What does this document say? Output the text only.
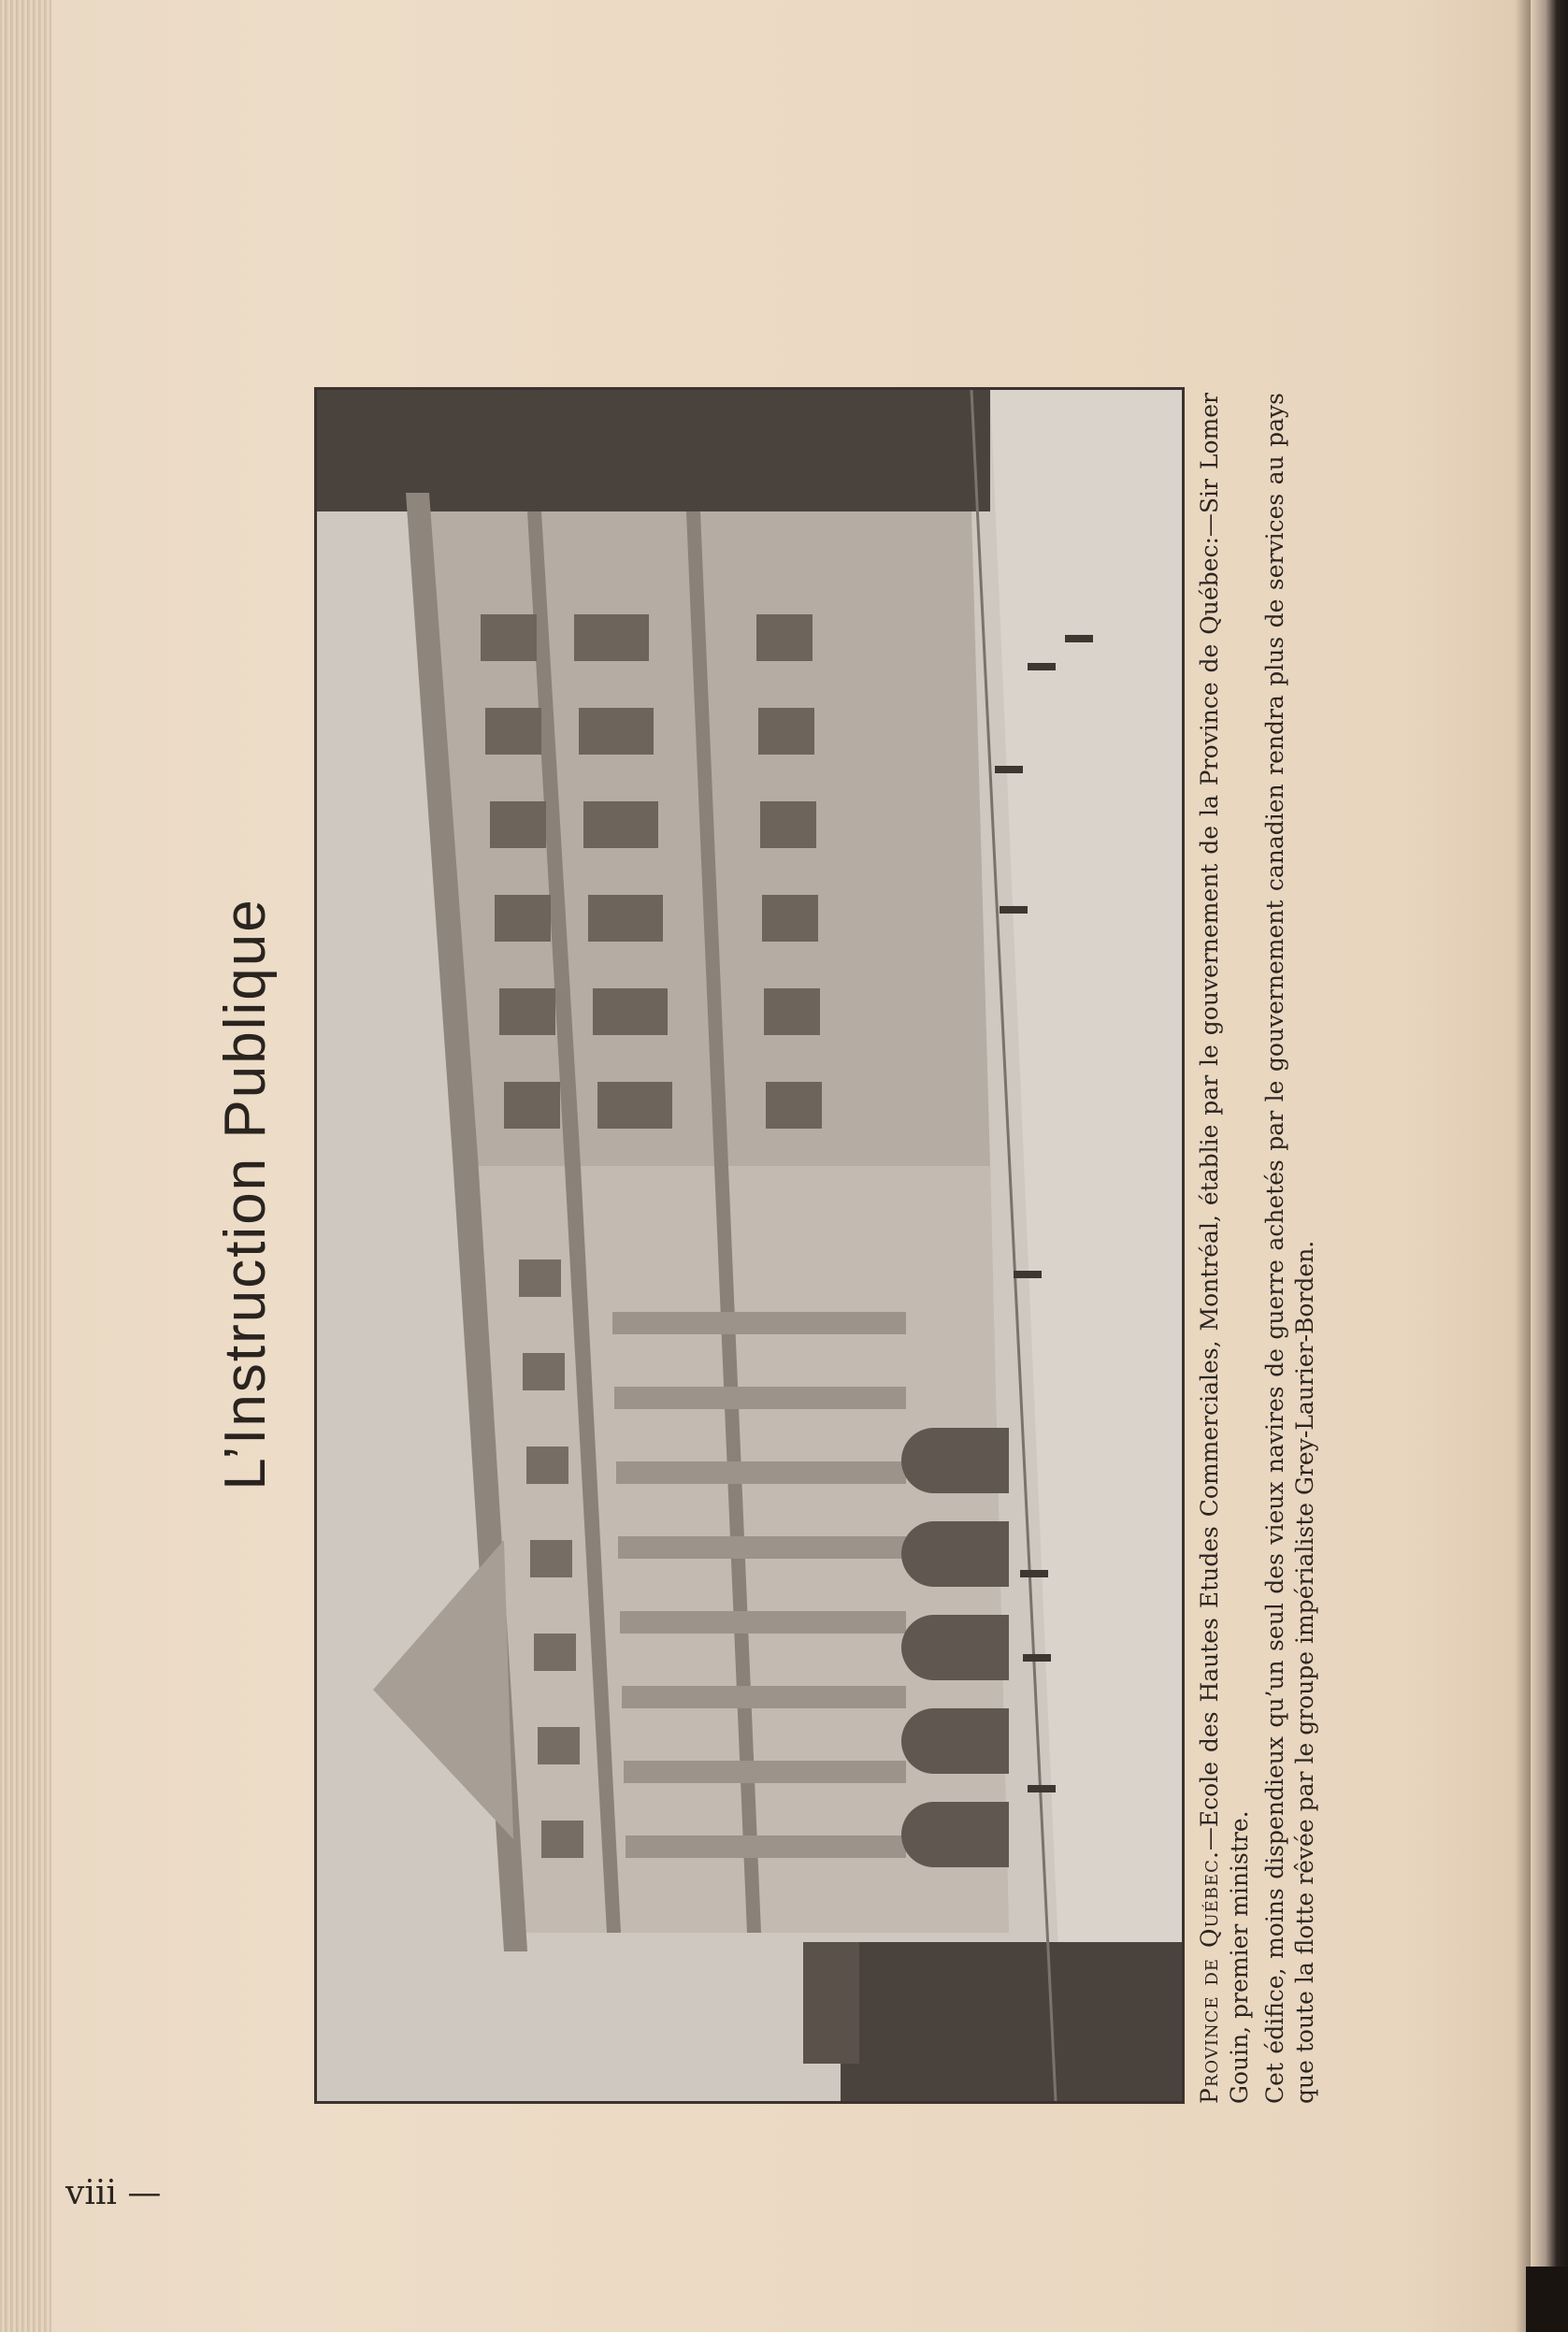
L’Instruction Publique

Province de Québec.—Ecole des Hautes Etudes Commerciales, Montréal, établie par le gouvernement de la Province de Québec:—Sir Lomer Gouin, premier ministre. Cet édifice, moins dispendieux qu’un seul des vieux navires de guerre achetés par le gouvernement canadien rendra plus de services au pays que toute la flotte rêvée par le groupe impérialiste Grey-Laurier-Borden.

viii —
